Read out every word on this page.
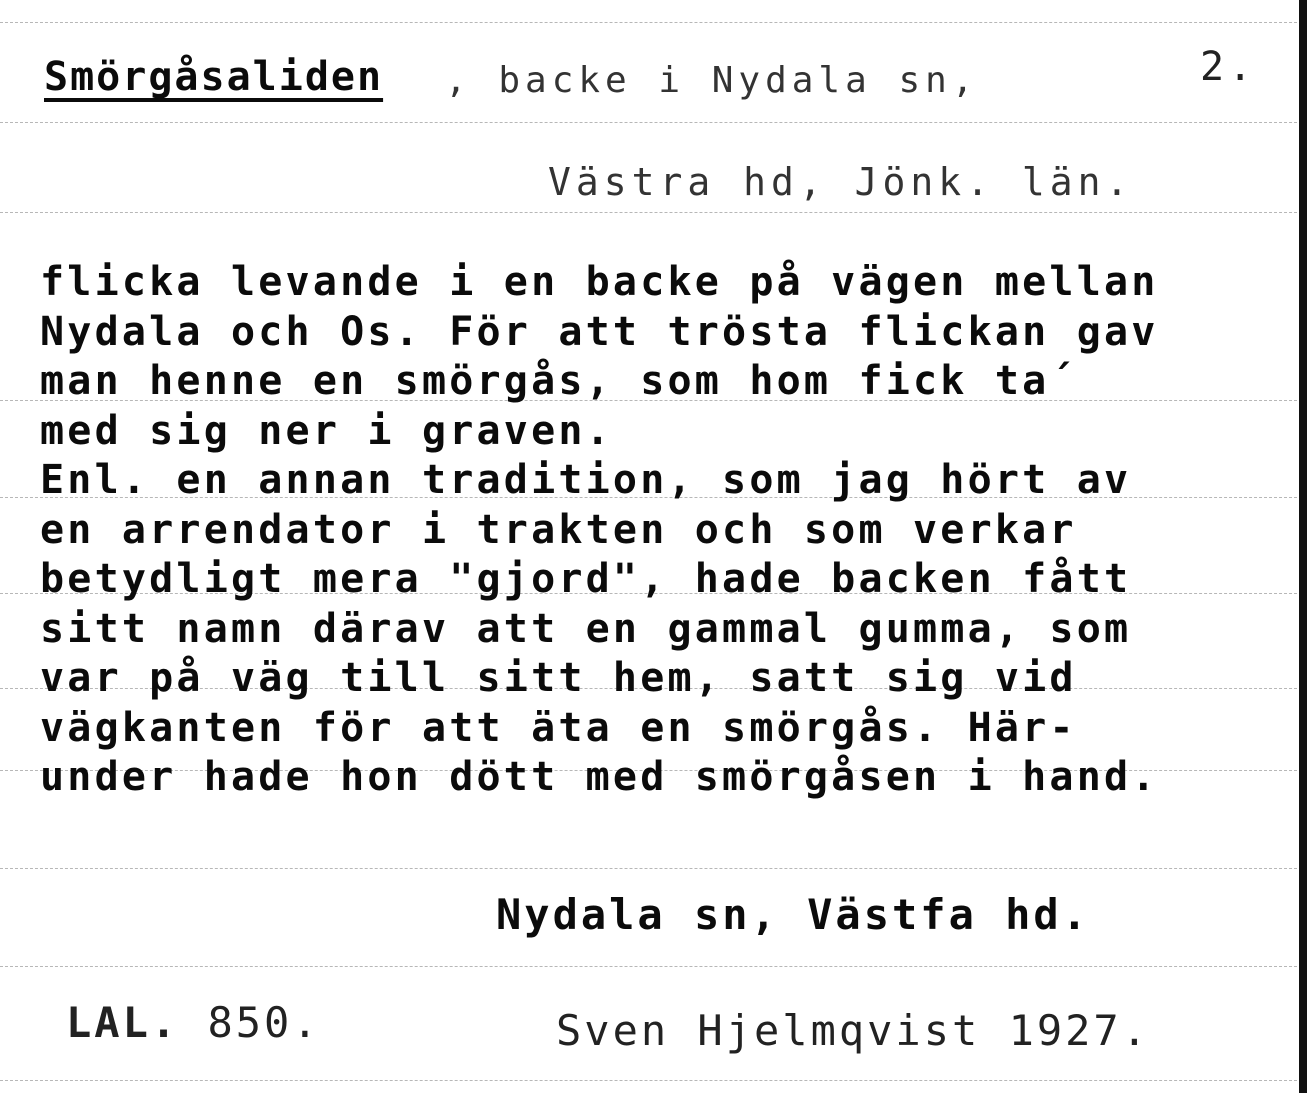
Smörgåsaliden , backe i Nydala sn,	2.
Västra hd, Jönk. län.
flicka levande i en backe på vägen mellan
Nydala och Os. För att trösta flickan gav
man henne en smörgås, som hom fick ta´
med sig ner i graven.
Enl. en annan tradition, som jag hört av
en arrendator i trakten och som verkar
betydligt mera "gjord", hade backen fått
sitt namn därav att en gammal gumma, som
var på väg till sitt hem, satt sig vid
vägkanten för att äta en smörgås. Här-
under hade hon dött med smörgåsen i hand.
Nydala sn, Västfa hd.
LAL. 850.	Sven Hjelmqvist 1927.
